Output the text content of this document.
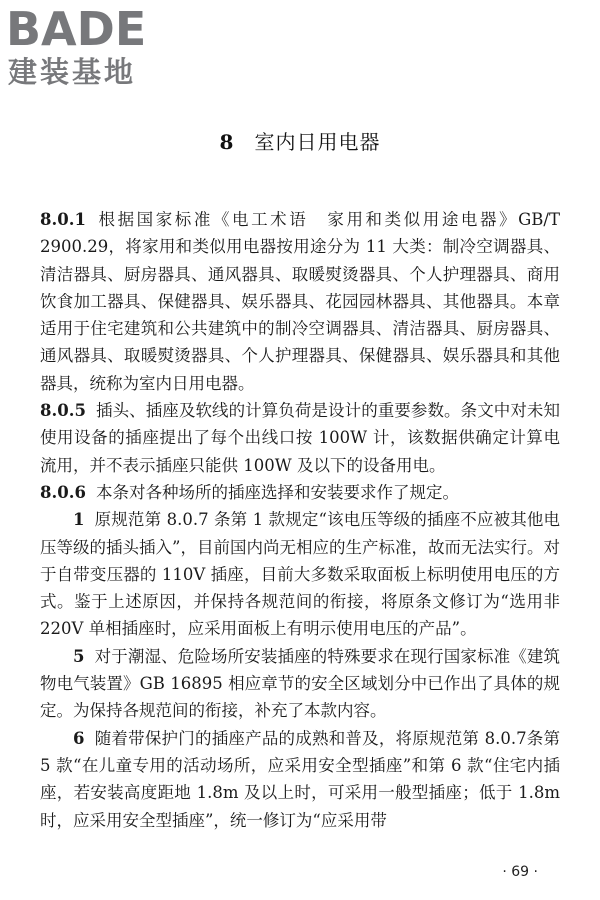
BADE
建装基地
8 室内日用电器

8.0.1 根据国家标准《电工术语　家用和类似用途电器》GB/T 2900.29，将家用和类似用电器按用途分为 11 大类：制冷空调器具、清洁器具、厨房器具、通风器具、取暖熨烫器具、个人护理器具、商用饮食加工器具、保健器具、娱乐器具、花园园林器具、其他器具。本章适用于住宅建筑和公共建筑中的制冷空调器具、清洁器具、厨房器具、通风器具、取暖熨烫器具、个人护理器具、保健器具、娱乐器具和其他器具，统称为室内日用电器。

8.0.5 插头、插座及软线的计算负荷是设计的重要参数。条文中对未知使用设备的插座提出了每个出线口按 100W 计，该数据供确定计算电流用，并不表示插座只能供 100W 及以下的设备用电。

8.0.6 本条对各种场所的插座选择和安装要求作了规定。

1 原规范第 8.0.7 条第 1 款规定“该电压等级的插座不应被其他电压等级的插头插入”，目前国内尚无相应的生产标准，故而无法实行。对于自带变压器的 110V 插座，目前大多数采取面板上标明使用电压的方式。鉴于上述原因，并保持各规范间的衔接，将原条文修订为“选用非 220V 单相插座时，应采用面板上有明示使用电压的产品”。

5 对于潮湿、危险场所安装插座的特殊要求在现行国家标准《建筑物电气装置》GB 16895 相应章节的安全区域划分中已作出了具体的规定。为保持各规范间的衔接，补充了本款内容。

6 随着带保护门的插座产品的成熟和普及，将原规范第 8.0.7条第 5 款“在儿童专用的活动场所，应采用安全型插座”和第 6 款“住宅内插座，若安装高度距地 1.8m 及以上时，可采用一般型插座；低于 1.8m 时，应采用安全型插座”，统一修订为“应采用带

· 69 ·
